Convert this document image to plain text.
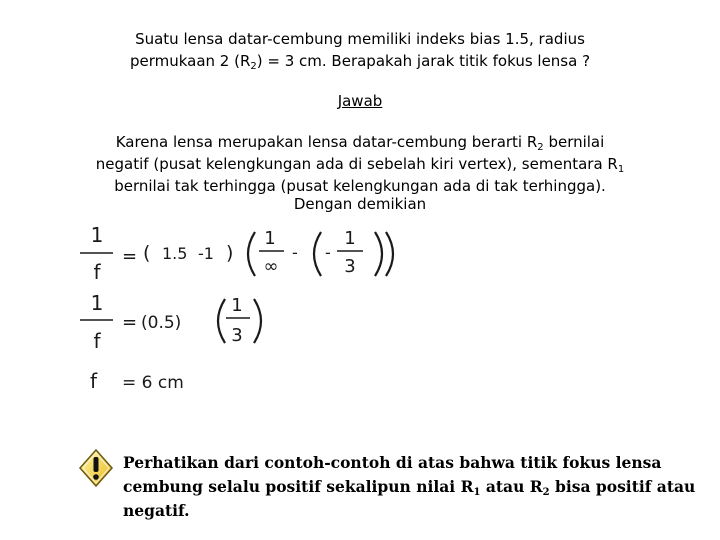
Suatu lensa datar-cembung memiliki indeks bias 1.5, radius
permukaan 2 $(R_2) = 3$ cm. Berapakah jarak titik fokus lensa ?
Jawab
Karena lensa merupakan lensa datar-cembung berarti $R_2$ bernilai
negatif (pusat kelengkungan ada di sebelah kiri vertex), sementara $R_1$
bernilai tak terhingga (pusat kelengkungan ada di tak terhingga).
Dengan demikian
1
f
= ( 1.5 -1 )
1
∞
- -
1
3
1
f
= (0.5)
1
3
f = 6 cm
Perhatikan dari contoh-contoh di atas bahwa titik fokus lensa
cembung selalu positif sekalipun nilai $R_1$ atau $R_2$ bisa positif atau
negatif.
